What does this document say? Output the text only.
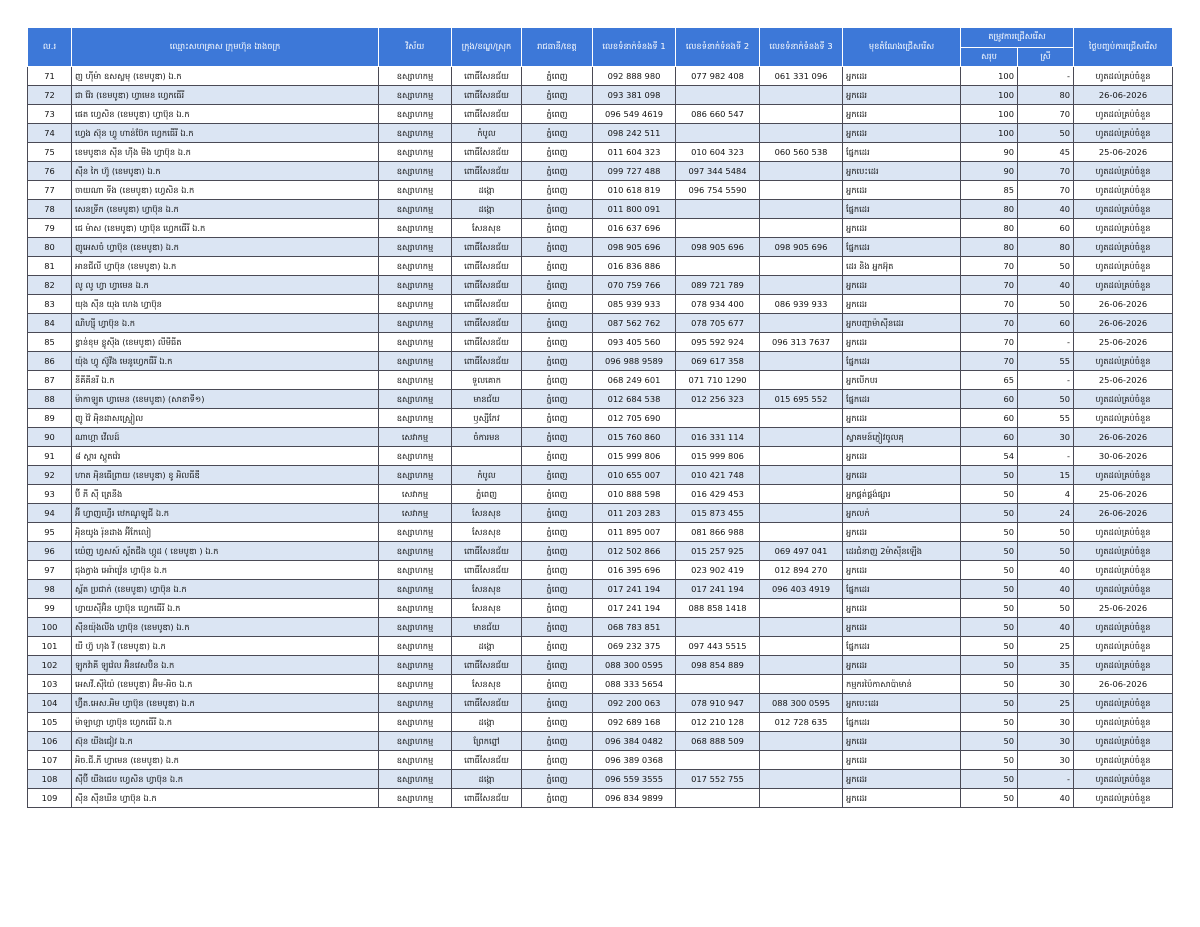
ល.រ	ឈ្មោះសហគ្រាស ក្រុមហ៊ុន ឯាងចក្រ	វិស័យ	ក្រុង/ខណ្ឌ/ស្រុក	រាជធានី/ខេត្ត	លេខទំនាក់ទំនងទី 1	លេខទំនាក់ទំនងទី 2	លេខទំនាក់ទំនងទី 3	មុខតំណែងជ្រើសរើស	តម្រូវការជ្រើសរើស		ថ្ងៃបញ្ចប់ការជ្រើសរើស
									សរុប	ស្រី	
71	ញ ហ៊ីម៉ា ឧសស្លមុ (ខេមបូឌា) ឯ.ក	ឧស្សាហកម្ម	ពោធិ៍សែនជ័យ	ភ្នំពេញ	092 888 980	077 982 408	061 331 096	អ្នកដេរ	100	-	ហូតដល់គ្រប់ចំនួន
72	ជា វ៉ែរ (ខេមបូឌា) ហ្វាមេន ហ្វេកធើរី	ឧស្សាហកម្ម	ពោធិ៍សែនជ័យ	ភ្នំពេញ	093 381 098			អ្នកដេរ	100	80	26-06-2026
73	ផេត ហ្វេសិន (ខេមបូឌា) ហ្វាប៊ុន ឯ.ក	ឧស្សាហកម្ម	ពោធិ៍សែនជ័យ	ភ្នំពេញ	096 549 4619	086 660 547		អ្នកដេរ	100	70	ហូតដល់គ្រប់ចំនួន
74	ហ្វេង ស៊ុន ហ្វូ ហាន់ប៊ែក ហ្វេកធើរី ឯ.ក	ឧស្សាហកម្ម	កំបូល	ភ្នំពេញ	098 242 511			អ្នកដេរ	100	50	ហូតដល់គ្រប់ចំនួន
75	ខេមបូឌាន ស៊ីន ហ៊ីង មីង ហ្វាប៊ុន ឯ.ក	ឧស្សាហកម្ម	ពោធិ៍សែនជ័យ	ភ្នំពេញ	011 604 323	010 604 323	060 560 538	ផ្នែកដេរ	90	45	25-06-2026
76	ស៊ីន កៃ ហ៊ូ (ខេមបូឌា) ឯ.ក	ឧស្សាហកម្ម	ពោធិ៍សែនជ័យ	ភ្នំពេញ	099 727 488	097 344 5484		អ្នកបេះដេរ	90	70	ហូតដល់គ្រប់ចំនួន
77	ចាយណា ទីង (ខេមបូឌា) ហ្វេសិន ឯ.ក	ឧស្សាហកម្ម	ដង្កោ	ភ្នំពេញ	010 618 819	096 754 5590		អ្នកដេរ	85	70	ហូតដល់គ្រប់ចំនួន
78	សេនទ្រីក (ខេមបូឌា) ហ្វាប៊ុន ឯ.ក	ឧស្សាហកម្ម	ដង្កោ	ភ្នំពេញ	011 800 091			ផ្នែកដេរ	80	40	ហូតដល់គ្រប់ចំនួន
79	ជេ ម៉ាស (ខេមបូឌា) ហ្វាប៊ុន ហ្វេកធើរី ឯ.ក	ឧស្សាហកម្ម	សែនសុខ	ភ្នំពេញ	016 637 696			អ្នកដេរ	80	60	ហូតដល់គ្រប់ចំនួន
80	ញូអេសចំ ហ្វាប៊ុន (ខេមបូឌា) ឯ.ក	ឧស្សាហកម្ម	ពោធិ៍សែនជ័យ	ភ្នំពេញ	098 905 696	098 905 696	098 905 696	ផ្នែកដេរ	80	80	ហូតដល់គ្រប់ចំនួន
81	អានជីលី ហ្វាប៊ុន (ខេមបូឌា) ឯ.ក	ឧស្សាហកម្ម	ពោធិ៍សែនជ័យ	ភ្នំពេញ	016 836 886			ដេរ និង អ្នកអ៊ុត	70	50	ហូតដល់គ្រប់ចំនួន
82	លូ លូ ហ្វា ហ្វាមេន ឯ.ក	ឧស្សាហកម្ម	ពោធិ៍សែនជ័យ	ភ្នំពេញ	070 759 766	089 721 789		អ្នកដេរ	70	40	ហូតដល់គ្រប់ចំនួន
83	យុង ស៊ីន យុង ហេង ហ្វាប៊ុន	ឧស្សាហកម្ម	ពោធិ៍សែនជ័យ	ភ្នំពេញ	085 939 933	078 934 400	086 939 933	អ្នកដេរ	70	50	26-06-2026
84	ណិហ្ស៊ី ហ្វាប៊ុន ឯ.ក	ឧស្សាហកម្ម	ពោធិ៍សែនជ័យ	ភ្នំពេញ	087 562 762	078 705 677		អ្នកបញ្ជាម៉ាស៊ីនដេរ	70	60	26-06-2026
85	ខ្វាន់ខុម ខ្លូស៊ីង (ខេមបូឌា) លីមីធីត	ឧស្សាហកម្ម	ពោធិ៍សែនជ័យ	ភ្នំពេញ	093 405 560	095 592 924	096 313 7637	អ្នកដេរ	70	-	25-06-2026
86	យ៉ុង ហ្វូ ស៊ូវីង មេនូហ្វេកធឺរី ឯ.ក	ឧស្សាហកម្ម	ពោធិ៍សែនជ័យ	ភ្នំពេញ	096 988 9589	069 617 358		ផ្នែកដេរ	70	55	ហូតដល់គ្រប់ចំនួន
87	នីគីគីនរី ឯ.ក	ឧស្សាហកម្ម	ទួលគោក	ភ្នំពេញ	068 249 601	071 710 1290		អ្នកបើកបរ	65	-	25-06-2026
88	ម៉ាកាឡូត ហ្វាមេន (ខេមបូឌា) (សាខាទី១)	ឧស្សាហកម្ម	មានជ័យ	ភ្នំពេញ	012 684 538	012 256 323	015 695 552	ផ្នែកដេរ	60	50	ហូតដល់គ្រប់ចំនួន
89	ញូ វ៉ៃ អ៉ិនដាសស្ទ្រៀល	ឧស្សាហកម្ម	ឫស្សីកែវ	ភ្នំពេញ	012 705 690			អ្នកដេរ	60	55	ហូតដល់គ្រប់ចំនួន
90	ណាហ្គា វើលដ៍	សេវាកម្ម	ចំការមន	ភ្នំពេញ	015 760 860	016 331 114		ស្វាគមន៍ភ្ញៀវចូលគុ	60	30	26-06-2026
91	៨ ស្ពារ ស្ពូតវ៉េរ	ឧស្សាហកម្ម		ភ្នំពេញ	015 999 806	015 999 806		អ្នកដេរ	54	-	30-06-2026
92	ហាត អ៉ិនធើព្រាយ (ខេមបូឌា) ខូ អិលធីឌី	ឧស្សាហកម្ម	កំបូល	ភ្នំពេញ	010 655 007	010 421 748		អ្នកដេរ	50	15	ហូតដល់គ្រប់ចំនួន
93	ប៊ី ភី ស៊ី ត្រេនីង	សេវាកម្ម	ភ្នំពេញ	ភ្នំពេញ	010 888 598	016 429 453		អ្នកផ្គត់ផ្គង់ផ្សារ	50	4	25-06-2026
94	អ៊ី ហ្វាញហ្វើរ ឋេកណូឡូជី ឯ.ក	សេវាកម្ម	សែនសុខ	ភ្នំពេញ	011 203 283	015 873 455		អ្នកលក់	50	24	26-06-2026
95	អ៉ិនយូង រ៉ុនដាង អ៊ីកែលៀ	ឧស្សាហកម្ម	សែនសុខ	ភ្នំពេញ	011 895 007	081 866 988		អ្នកដេរ	50	50	ហូតដល់គ្រប់ចំនួន
96	យ៉េញ ហ្វសស៍ ស្ព័តជីង ហ្គូដ ( ខេមបូឌា ) ឯ.ក	ឧស្សាហកម្ម	ពោធិ៍សែនជ័យ	ភ្នំពេញ	012 502 866	015 257 925	069 497 041	ដេរជំនាញ 2ម៉ាស៊ីនឡើង	50	50	ហូតដល់គ្រប់ចំនួន
97	ជុងក្វាង អេរ៉ាវ្រ៉េន ហ្វាប៊ុន ឯ.ក	ឧស្សាហកម្ម	ពោធិ៍សែនជ័យ	ភ្នំពេញ	016 395 696	023 902 419	012 894 270	អ្នកដេរ	50	40	ហូតដល់គ្រប់ចំនួន
98	ស្ព័ត ប្រជាក់ (ខេមបូឌា) ហ្វាប៊ុន ឯ.ក	ឧស្សាហកម្ម	សែនសុខ	ភ្នំពេញ	017 241 194	017 241 194	096 403 4919	ផ្នែកដេរ	50	40	ហូតដល់គ្រប់ចំនួន
99	ហ្វាយស៊ីអ៊ិន ហ្វាប៊ុន ហ្វេកធើរី ឯ.ក	ឧស្សាហកម្ម	សែនសុខ	ភ្នំពេញ	017 241 194	088 858 1418		អ្នកដេរ	50	50	25-06-2026
100	ស៊ីនយ៉ុងលីង ហ្វាប៊ុន (ខេមបូឌា) ឯ.ក	ឧស្សាហកម្ម	មានជ័យ	ភ្នំពេញ	068 783 851			អ្នកដេរ	50	40	ហូតដល់គ្រប់ចំនួន
101	យី ហ៊្វ ហុង វី (ខេមបូឌា) ឯ.ក	ឧស្សាហកម្ម	ដង្កោ	ភ្នំពេញ	069 232 375	097 443 5515		ផ្នែកដេរ	50	25	ហូតដល់គ្រប់ចំនួន
102	ឡូកវ៉ាគី ឡូវ៉េល អ៊ិនវេសប៊ិន ឯ.ក	ឧស្សាហកម្ម	ពោធិ៍សែនជ័យ	ភ្នំពេញ	088 300 0595	098 854 889		អ្នកដេរ	50	35	ហូតដល់គ្រប់ចំនួន
103	អេសវី.ស៊ីយ៉ៃ (ខេមបូឌា) អ៊ិម-អិច ឯ.ក	ឧស្សាហកម្ម	សែនសុខ	ភ្នំពេញ	088 333 5654			កម្មករប៉ៃកាសាប៉ាមាន់	50	30	26-06-2026
104	ហ្វ៊ីត.អេស.អិម ហ្វាប៊ុន (ខេមបូឌា) ឯ.ក	ឧស្សាហកម្ម	ពោធិ៍សែនជ័យ	ភ្នំពេញ	092 200 063	078 910 947	088 300 0595	អ្នកបេះដេរ	50	25	ហូតដល់គ្រប់ចំនួន
105	ម៉ាឡាហ្គា ហ្វាប៊ុន ហ្វេកធើរី ឯ.ក	ឧស្សាហកម្ម	ដង្កោ	ភ្នំពេញ	092 689 168	012 210 128	012 728 635	ផ្នែកដេរ	50	30	ហូតដល់គ្រប់ចំនួន
106	ស៊ុន យីងជៀវ ឯ.ក	ឧស្សាហកម្ម	ព្រែកព្នៅ	ភ្នំពេញ	096 384 0482	068 888 509		អ្នកដេរ	50	30	ហូតដល់គ្រប់ចំនួន
107	អិច.ជី.ភី ហ្វាមេន (ខេមបូឌា) ឯ.ក	ឧស្សាហកម្ម	ពោធិ៍សែនជ័យ	ភ្នំពេញ	096 389 0368			អ្នកដេរ	50	30	ហូតដល់គ្រប់ចំនួន
108	ស៊ីប៊ី យីងជេប ហ្វេសិន ហ្វាប៊ុន ឯ.ក	ឧស្សាហកម្ម	ដង្កោ	ភ្នំពេញ	096 559 3555	017 552 755		អ្នកដេរ	50	-	ហូតដល់គ្រប់ចំនួន
109	ស៊ីន ស៊ីនឃីន ហ្វាប៊ុន ឯ.ក	ឧស្សាហកម្ម	ពោធិ៍សែនជ័យ	ភ្នំពេញ	096 834 9899			អ្នកដេរ	50	40	ហូតដល់គ្រប់ចំនួន
